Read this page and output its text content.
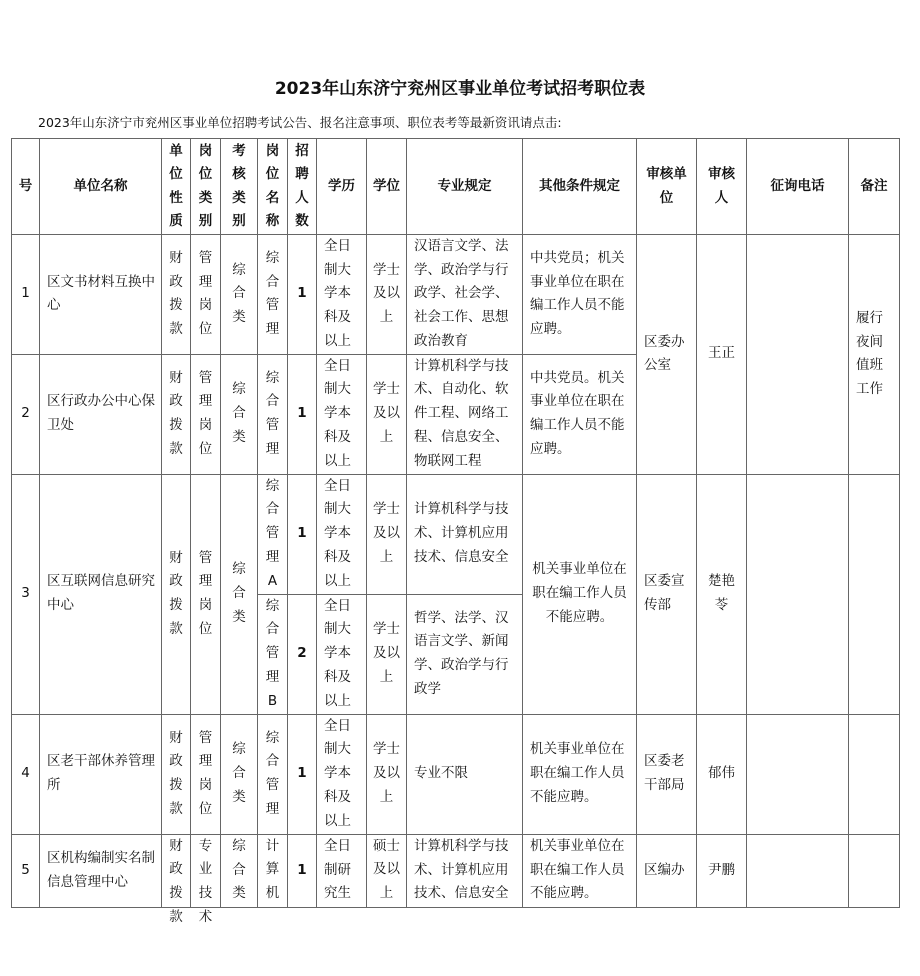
2023年山东济宁兖州区事业单位考试招考职位表
2023年山东济宁市兖州区事业单位招聘考试公告、报名注意事项、职位表考等最新资讯请点击:
号	单位名称	单位性质	岗位类别	考核类别	岗位名称	招聘人数	学历	学位	专业规定	其他条件规定	审核单位	审核人	征询电话	备注
1	区文书材料互换中心	财政拨款	管理岗位	综合类	综合管理	1	全日制大学本科及以上	学士及以上	汉语言文学、法学、政治学与行政学、社会学、社会工作、思想政治教育	中共党员；机关事业单位在职在编工作人员不能应聘。	区委办公室	王正		履行夜间值班工作
2	区行政办公中心保卫处	财政拨款	管理岗位	综合类	综合管理	1	全日制大学本科及以上	学士及以上	计算机科学与技术、自动化、软件工程、网络工程、信息安全、物联网工程	中共党员。机关事业单位在职在编工作人员不能应聘。				
3	区互联网信息研究中心	财政拨款	管理岗位	综合类	综合管理A	1	全日制大学本科及以上	学士及以上	计算机科学与技术、计算机应用技术、信息安全	机关事业单位在职在编工作人员不能应聘。	区委宣传部	楚艳苓		
					综合管理B	2	全日制大学本科及以上	学士及以上	哲学、法学、汉语言文学、新闻学、政治学与行政学					
4	区老干部休养管理所	财政拨款	管理岗位	综合类	综合管理	1	全日制大学本科及以上	学士及以上	专业不限	机关事业单位在职在编工作人员不能应聘。	区委老干部局	郁伟		
5	区机构编制实名制信息管理中心	财政拨款	专业技术	综合类	计算机	1	全日制研究生	硕士及以上	计算机科学与技术、计算机应用技术、信息安全	机关事业单位在职在编工作人员不能应聘。	区编办	尹鹏		
